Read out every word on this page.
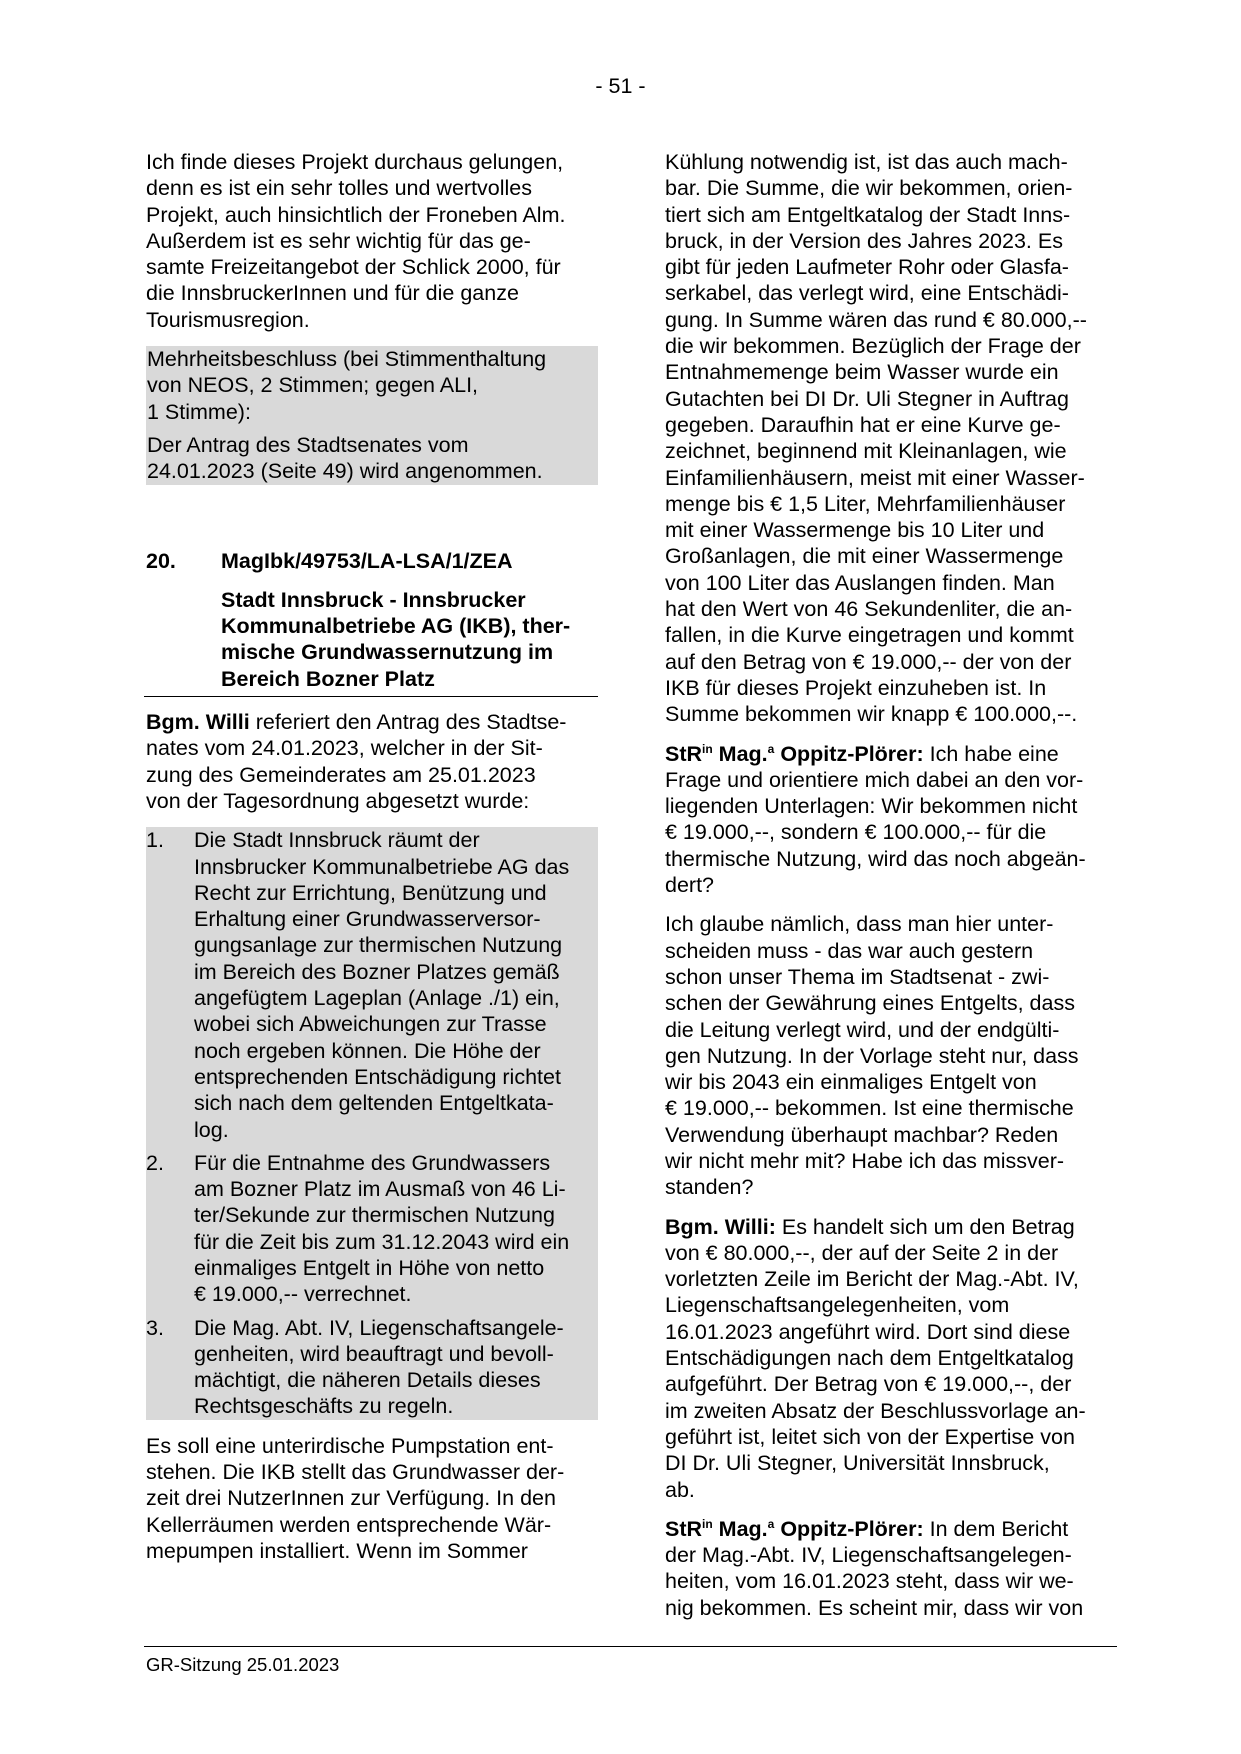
- 51 -
Ich finde dieses Projekt durchaus gelungen,
denn es ist ein sehr tolles und wertvolles
Projekt, auch hinsichtlich der Froneben Alm.
Außerdem ist es sehr wichtig für das ge-
samte Freizeitangebot der Schlick 2000, für
die InnsbruckerInnen und für die ganze
Tourismusregion.
Mehrheitsbeschluss (bei Stimmenthaltung
von NEOS, 2 Stimmen; gegen ALI,
1 Stimme):
Der Antrag des Stadtsenates vom
24.01.2023 (Seite 49) wird angenommen.
20. MagIbk/49753/LA-LSA/1/ZEA
Stadt Innsbruck - Innsbrucker
Kommunalbetriebe AG (IKB), ther-
mische Grundwassernutzung im
Bereich Bozner Platz
Bgm. Willi referiert den Antrag des Stadtse-
nates vom 24.01.2023, welcher in der Sit-
zung des Gemeinderates am 25.01.2023
von der Tagesordnung abgesetzt wurde:
1.	Die Stadt Innsbruck räumt der
Innsbrucker Kommunalbetriebe AG das
Recht zur Errichtung, Benützung und
Erhaltung einer Grundwasserversor-
gungsanlage zur thermischen Nutzung
im Bereich des Bozner Platzes gemäß
angefügtem Lageplan (Anlage ./1) ein,
wobei sich Abweichungen zur Trasse
noch ergeben können. Die Höhe der
entsprechenden Entschädigung richtet
sich nach dem geltenden Entgeltkata-
log.
2.	Für die Entnahme des Grundwassers
am Bozner Platz im Ausmaß von 46 Li-
ter/Sekunde zur thermischen Nutzung
für die Zeit bis zum 31.12.2043 wird ein
einmaliges Entgelt in Höhe von netto
€ 19.000,-- verrechnet.
3.	Die Mag. Abt. IV, Liegenschaftsangele-
genheiten, wird beauftragt und bevoll-
mächtigt, die näheren Details dieses
Rechtsgeschäfts zu regeln.
Es soll eine unterirdische Pumpstation ent-
stehen. Die IKB stellt das Grundwasser der-
zeit drei NutzerInnen zur Verfügung. In den
Kellerräumen werden entsprechende Wär-
mepumpen installiert. Wenn im Sommer
Kühlung notwendig ist, ist das auch mach-
bar. Die Summe, die wir bekommen, orien-
tiert sich am Entgeltkatalog der Stadt Inns-
bruck, in der Version des Jahres 2023. Es
gibt für jeden Laufmeter Rohr oder Glasfa-
serkabel, das verlegt wird, eine Entschädi-
gung. In Summe wären das rund € 80.000,--
die wir bekommen. Bezüglich der Frage der
Entnahmemenge beim Wasser wurde ein
Gutachten bei DI Dr. Uli Stegner in Auftrag
gegeben. Daraufhin hat er eine Kurve ge-
zeichnet, beginnend mit Kleinanlagen, wie
Einfamilienhäusern, meist mit einer Wasser-
menge bis € 1,5 Liter, Mehrfamilienhäuser
mit einer Wassermenge bis 10 Liter und
Großanlagen, die mit einer Wassermenge
von 100 Liter das Auslangen finden. Man
hat den Wert von 46 Sekundenliter, die an-
fallen, in die Kurve eingetragen und kommt
auf den Betrag von € 19.000,-- der von der
IKB für dieses Projekt einzuheben ist. In
Summe bekommen wir knapp € 100.000,--.
StR$^{in}$ Mag.$^a$ Oppitz-Plörer: Ich habe eine
Frage und orientiere mich dabei an den vor-
liegenden Unterlagen: Wir bekommen nicht
€ 19.000,--, sondern € 100.000,-- für die
thermische Nutzung, wird das noch abgeän-
dert?
Ich glaube nämlich, dass man hier unter-
scheiden muss - das war auch gestern
schon unser Thema im Stadtsenat - zwi-
schen der Gewährung eines Entgelts, dass
die Leitung verlegt wird, und der endgülti-
gen Nutzung. In der Vorlage steht nur, dass
wir bis 2043 ein einmaliges Entgelt von
€ 19.000,-- bekommen. Ist eine thermische
Verwendung überhaupt machbar? Reden
wir nicht mehr mit? Habe ich das missver-
standen?
Bgm. Willi: Es handelt sich um den Betrag
von € 80.000,--, der auf der Seite 2 in der
vorletzten Zeile im Bericht der Mag.-Abt. IV,
Liegenschaftsangelegenheiten, vom
16.01.2023 angeführt wird. Dort sind diese
Entschädigungen nach dem Entgeltkatalog
aufgeführt. Der Betrag von € 19.000,--, der
im zweiten Absatz der Beschlussvorlage an-
geführt ist, leitet sich von der Expertise von
DI Dr. Uli Stegner, Universität Innsbruck,
ab.
StR$^{in}$ Mag.$^a$ Oppitz-Plörer: In dem Bericht
der Mag.-Abt. IV, Liegenschaftsangelegen-
heiten, vom 16.01.2023 steht, dass wir we-
nig bekommen. Es scheint mir, dass wir von
GR-Sitzung 25.01.2023
